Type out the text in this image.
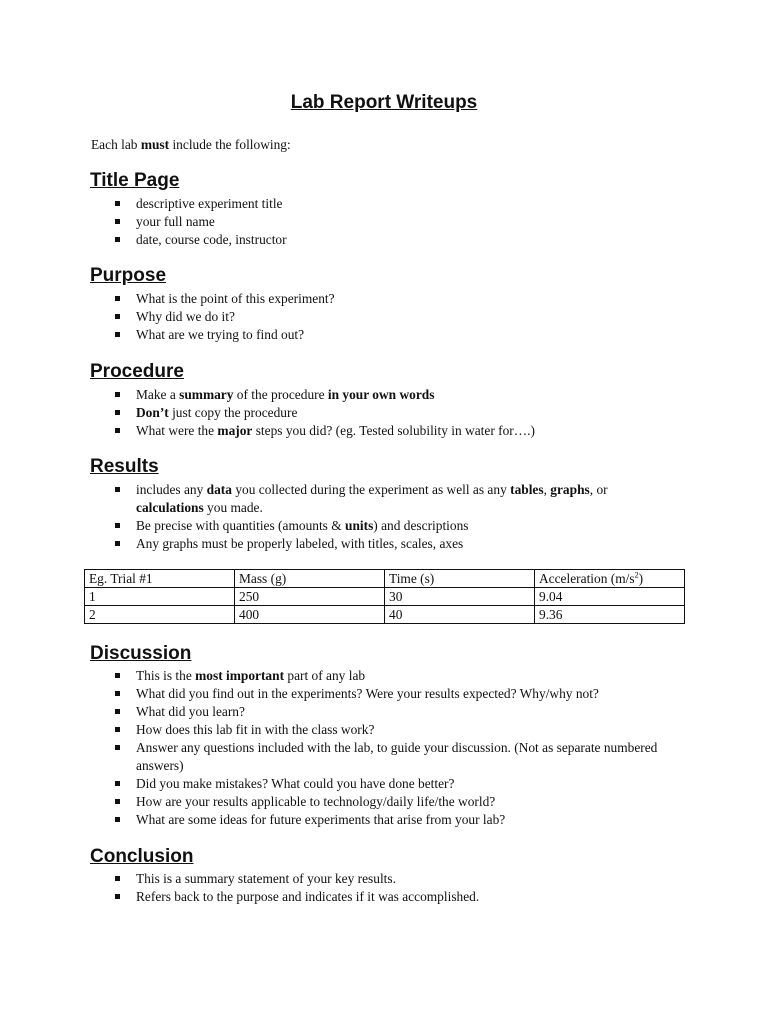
Lab Report Writeups
Each lab must include the following:
Title Page
descriptive experiment title
your full name
date, course code, instructor
Purpose
What is the point of this experiment?
Why did we do it?
What are we trying to find out?
Procedure
Make a summary of the procedure in your own words
Don’t just copy the procedure
What were the major steps you did? (eg. Tested solubility in water for….)
Results
includes any data you collected during the experiment as well as any tables, graphs, or calculations you made.
Be precise with quantities (amounts & units) and descriptions
Any graphs must be properly labeled, with titles, scales, axes
Eg. Trial #1	Mass (g)	Time (s)	Acceleration $(m/s^2)$
1	250	30	9.04
2	400	40	9.36
Discussion
This is the most important part of any lab
What did you find out in the experiments? Were your results expected? Why/why not?
What did you learn?
How does this lab fit in with the class work?
Answer any questions included with the lab, to guide your discussion. (Not as separate numbered answers)
Did you make mistakes? What could you have done better?
How are your results applicable to technology/daily life/the world?
What are some ideas for future experiments that arise from your lab?
Conclusion
This is a summary statement of your key results.
Refers back to the purpose and indicates if it was accomplished.
